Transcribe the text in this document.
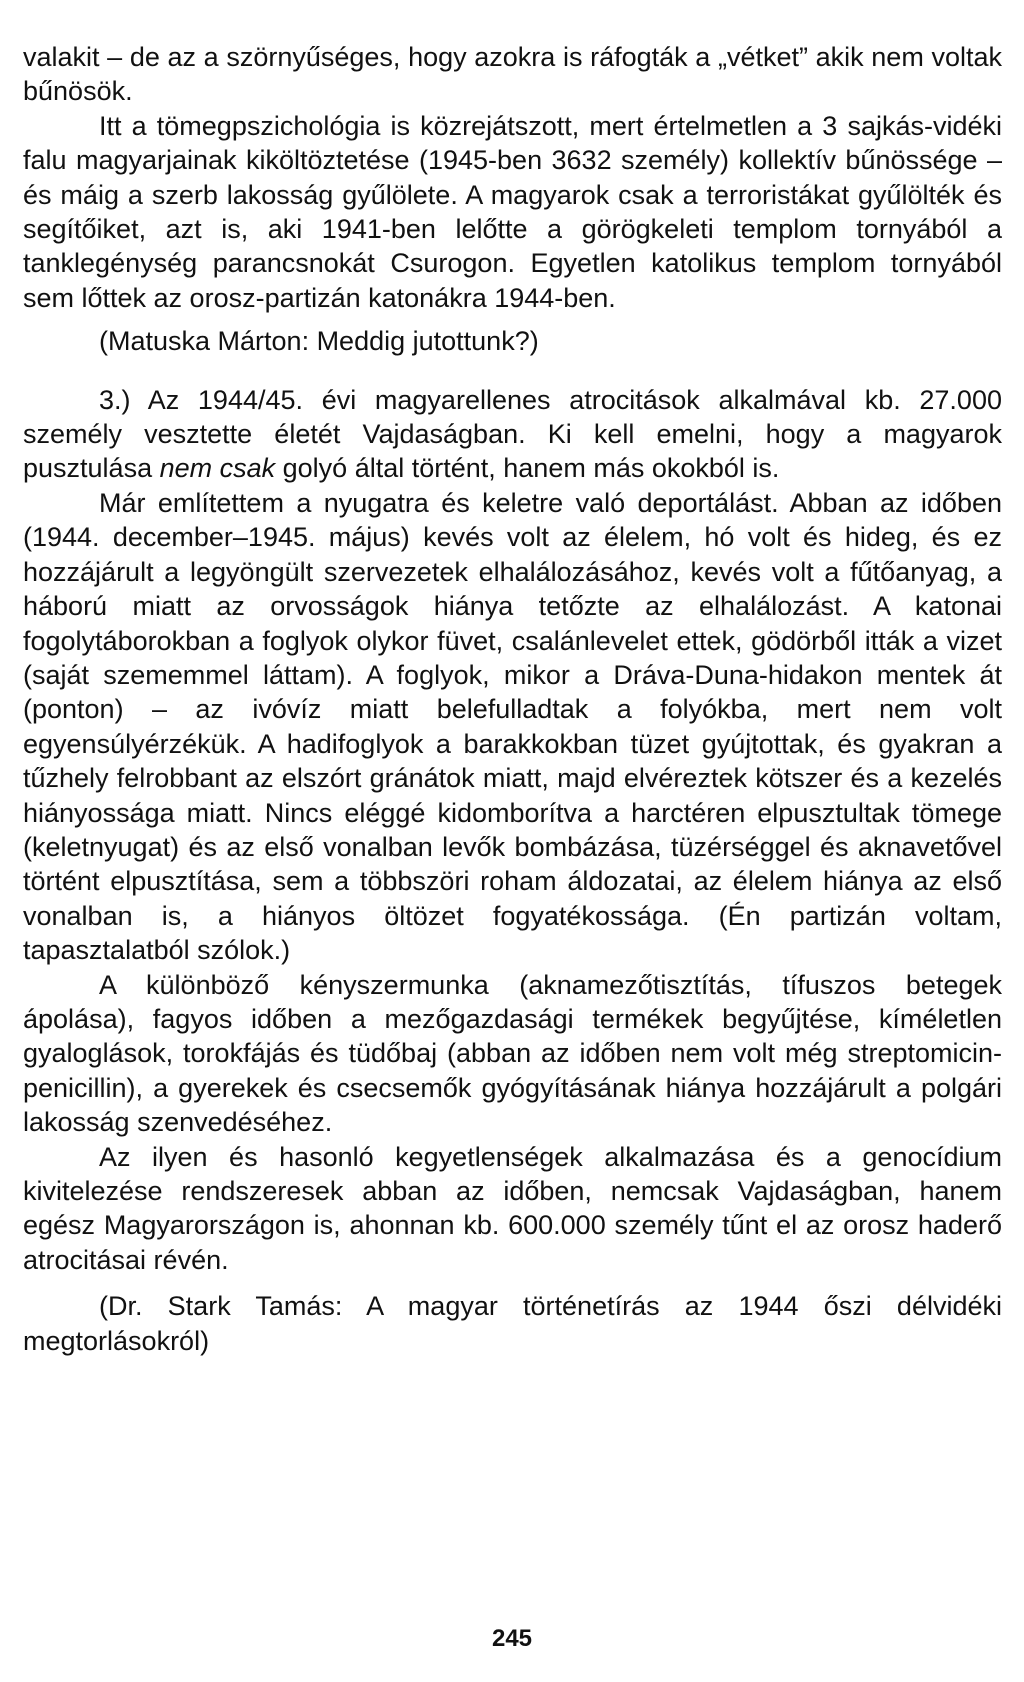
valakit – de az a szörnyűséges, hogy azokra is ráfogták a „vétket” akik nem voltak bűnösök.

Itt a tömegpszichológia is közrejátszott, mert értelmetlen a 3 sajkás-vidéki falu magyarjainak kiköltöztetése (1945-ben 3632 személy) kollektív bűnössége – és máig a szerb lakosság gyűlölete. A magyarok csak a terroristákat gyűlölték és segítőiket, azt is, aki 1941-ben lelőtte a görögkeleti templom tornyából a tanklegénység parancsnokát Csurogon. Egyetlen katolikus templom tornyából sem lőttek az orosz-partizán katonákra 1944-ben.

(Matuska Márton: Meddig jutottunk?)

3.) Az 1944/45. évi magyarellenes atrocitások alkalmával kb. 27.000 személy vesztette életét Vajdaságban. Ki kell emelni, hogy a magyarok pusztulása nem csak golyó által történt, hanem más okokból is.

Már említettem a nyugatra és keletre való deportálást. Abban az időben (1944. december–1945. május) kevés volt az élelem, hó volt és hideg, és ez hozzájárult a legyöngült szervezetek elhalálozásához, kevés volt a fűtőanyag, a háború miatt az orvosságok hiánya tetőzte az elhalálozást. A katonai fogolytáborokban a foglyok olykor füvet, csalánlevelet ettek, gödörből itták a vizet (saját szememmel láttam). A foglyok, mikor a Dráva-Duna-hidakon mentek át (ponton) – az ivóvíz miatt belefulladtak a folyókba, mert nem volt egyensúlyérzékük. A hadifoglyok a barakkokban tüzet gyújtottak, és gyakran a tűzhely felrobbant az elszórt gránátok miatt, majd elvéreztek kötszer és a kezelés hiányossága miatt. Nincs eléggé kidomborítva a harctéren elpusztultak tömege (keletnyugat) és az első vonalban levők bombázása, tüzérséggel és aknavetővel történt elpusztítása, sem a többszöri roham áldozatai, az élelem hiánya az első vonalban is, a hiányos öltözet fogyatékossága. (Én partizán voltam, tapasztalatból szólok.)

A különböző kényszermunka (aknamezőtisztítás, tífuszos betegek ápolása), fagyos időben a mezőgazdasági termékek begyűjtése, kíméletlen gyaloglások, torokfájás és tüdőbaj (abban az időben nem volt még streptomicin-penicillin), a gyerekek és csecsemők gyógyításának hiánya hozzájárult a polgári lakosság szenvedéséhez.

Az ilyen és hasonló kegyetlenségek alkalmazása és a genocídium kivitelezése rendszeresek abban az időben, nemcsak Vajdaságban, hanem egész Magyarországon is, ahonnan kb. 600.000 személy tűnt el az orosz haderő atrocitásai révén.

(Dr. Stark Tamás: A magyar történetírás az 1944 őszi délvidéki megtorlásokról)

245
